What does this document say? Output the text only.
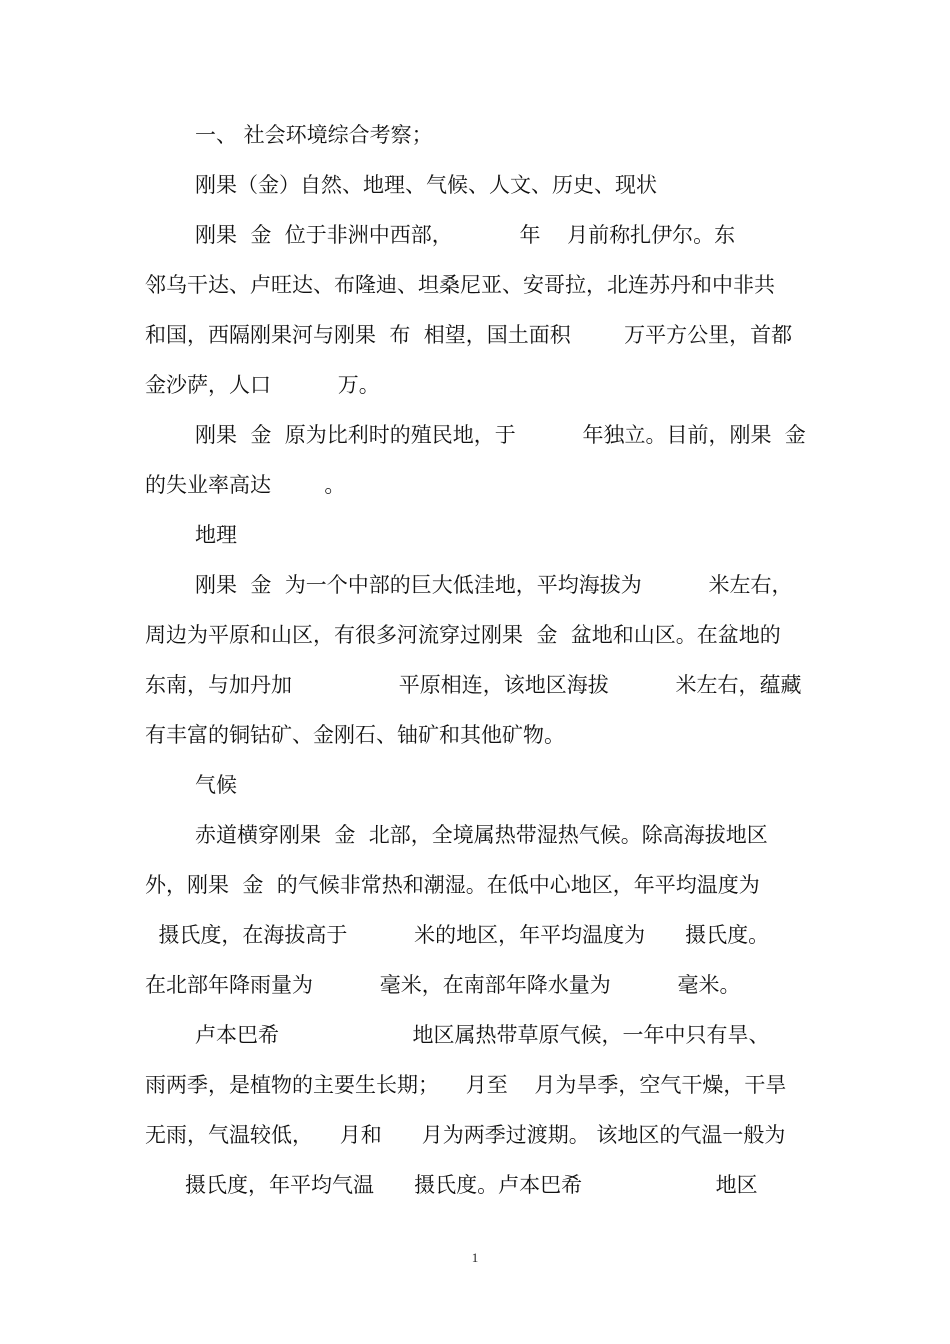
一、 社会环境综合考察；
刚果（金）自然、地理、气候、人文、历史、现状
刚果  金  位于非洲中西部，          年    月前称扎伊尔。东
邻乌干达、卢旺达、布隆迪、坦桑尼亚、安哥拉，北连苏丹和中非共
和国，西隔刚果河与刚果  布  相望，国土面积        万平方公里，首都
金沙萨，人口          万。
刚果  金  原为比利时的殖民地，于          年独立。目前，刚果  金
的失业率高达        。
地理
刚果  金  为一个中部的巨大低洼地，平均海拔为          米左右，
周边为平原和山区，有很多河流穿过刚果  金  盆地和山区。在盆地的
东南，与加丹加                平原相连，该地区海拔          米左右，蕴藏
有丰富的铜钴矿、金刚石、铀矿和其他矿物。
气候
赤道横穿刚果  金  北部，全境属热带湿热气候。除高海拔地区
外，刚果  金  的气候非常热和潮湿。在低中心地区，年平均温度为
摄氏度，在海拔高于          米的地区，年平均温度为      摄氏度。
在北部年降雨量为          毫米，在南部年降水量为          毫米。
卢本巴希                    地区属热带草原气候，一年中只有旱、
雨两季，是植物的主要生长期；    月至    月为旱季，空气干燥，干旱
无雨，气温较低，    月和      月为两季过渡期。 该地区的气温一般为
摄氏度，年平均气温      摄氏度。卢本巴希                    地区
1
